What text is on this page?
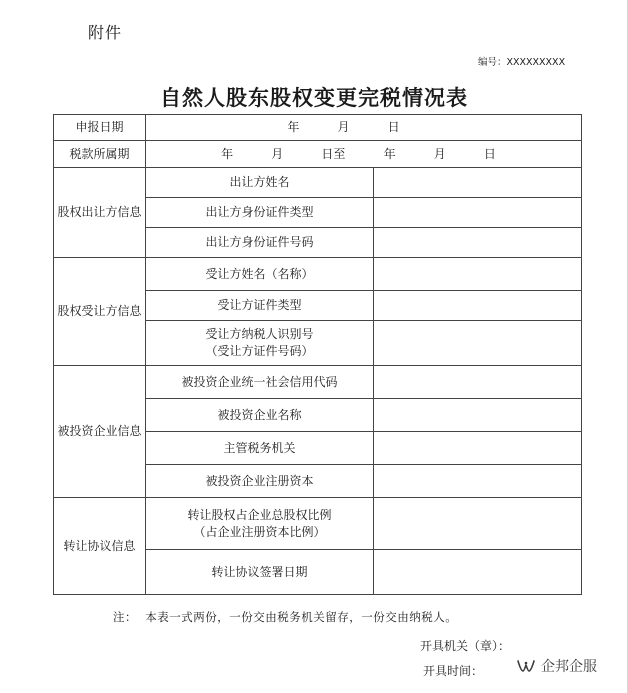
附件
编号：XXXXXXXXX
自然人股东股权变更完税情况表
申报日期	年          月          日	
税款所属期	年          月          日至          年          月          日	
股权出让方信息	出让方姓名	
	出让方身份证件类型	
	出让方身份证件号码	
股权受让方信息	受让方姓名（名称）	
	受让方证件类型	

	受让方纳税人识别号
（受让方证件号码）	

被投资企业信息	被投资企业统一社会信用代码	
	被投资企业名称	
	主管税务机关	
	被投资企业注册资本	
转让协议信息	转让股权占企业总股权比例
（占企业注册资本比例）	

	转让协议签署日期	
注：  本表一式两份，一份交由税务机关留存，一份交由纳税人。
开具机关（章）：
开具时间：	企邦企服
